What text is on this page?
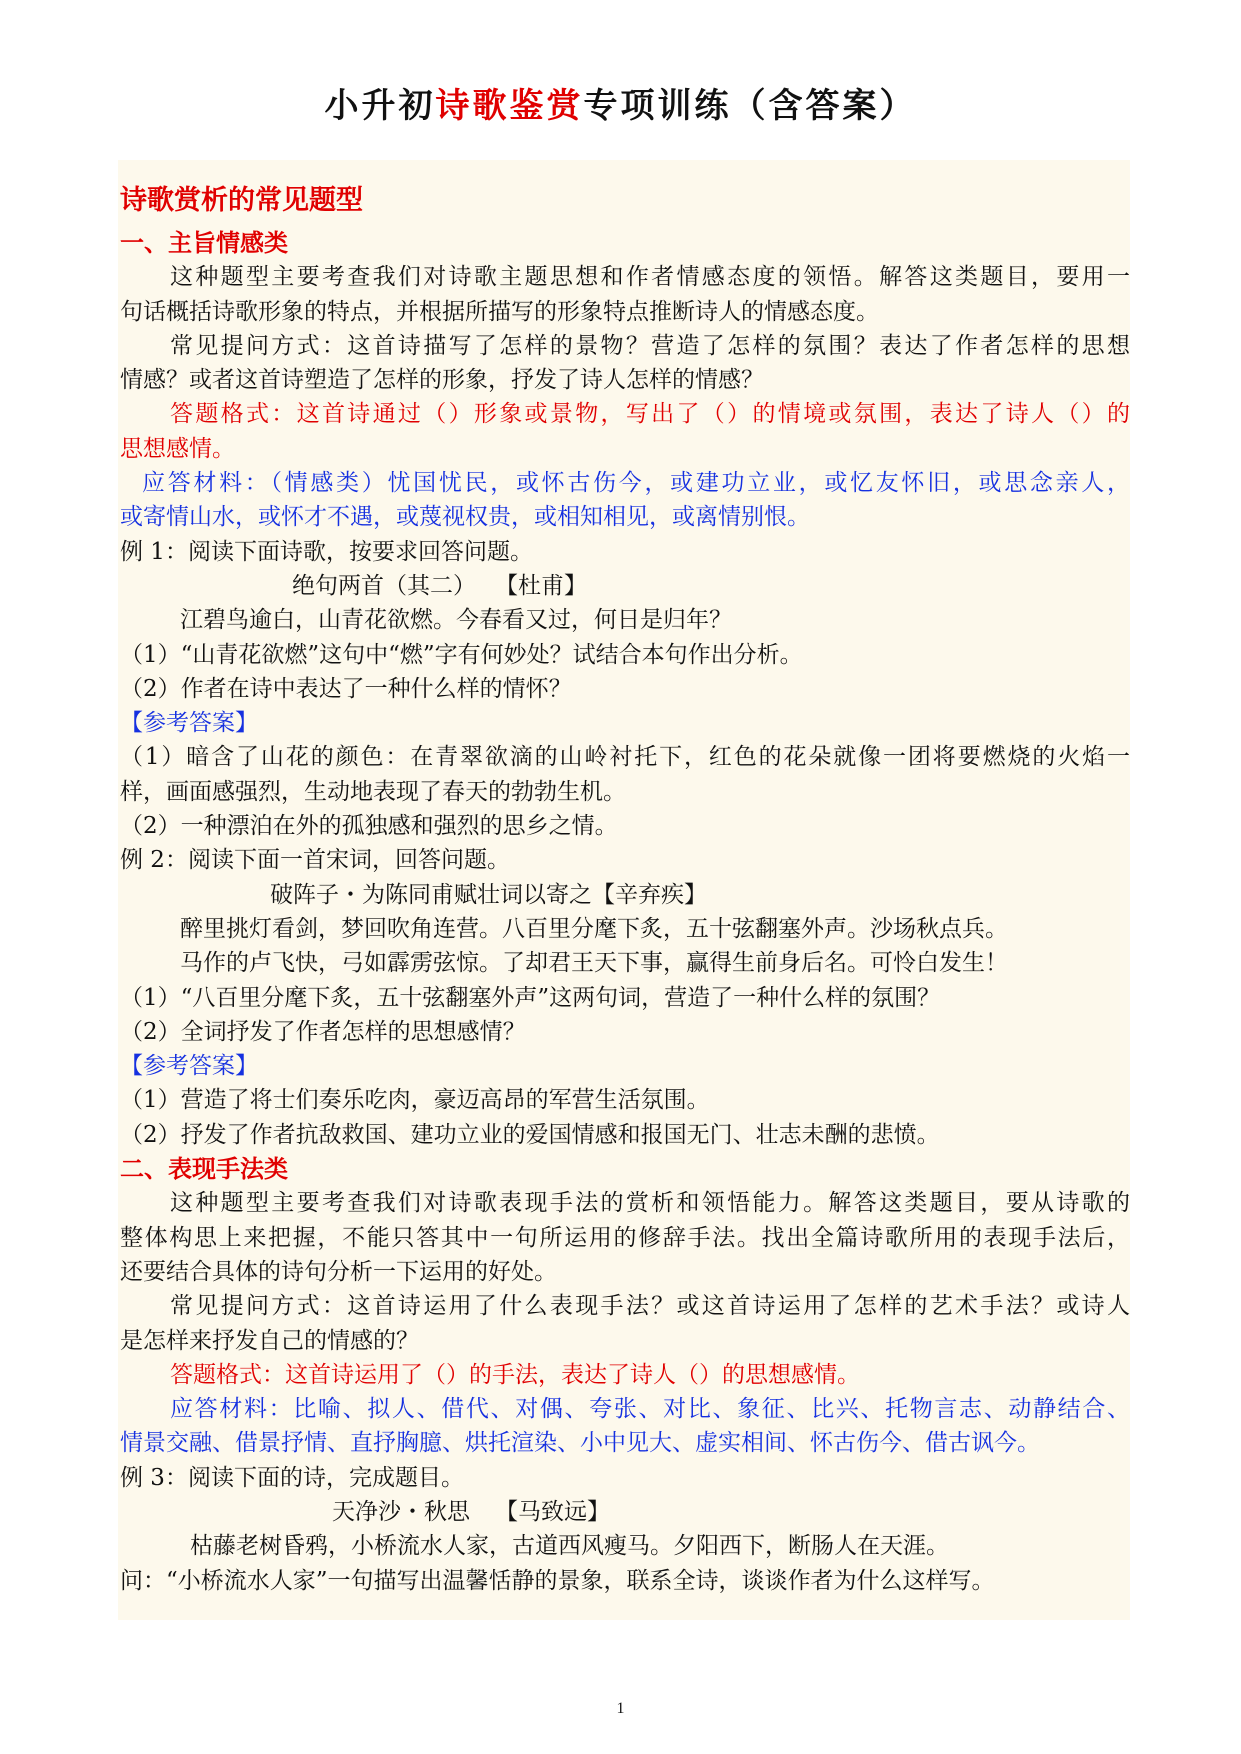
小升初诗歌鉴赏专项训练（含答案）
诗歌赏析的常见题型
一、主旨情感类
这种题型主要考查我们对诗歌主题思想和作者情感态度的领悟。解答这类题目，要用一
句话概括诗歌形象的特点，并根据所描写的形象特点推断诗人的情感态度。
常见提问方式：这首诗描写了怎样的景物？营造了怎样的氛围？表达了作者怎样的思想
情感？或者这首诗塑造了怎样的形象，抒发了诗人怎样的情感？
答题格式：这首诗通过（）形象或景物，写出了（）的情境或氛围，表达了诗人（）的
思想感情。
应答材料：（情感类）忧国忧民，或怀古伤今，或建功立业，或忆友怀旧，或思念亲人，
或寄情山水，或怀才不遇，或蔑视权贵，或相知相见，或离情别恨。
例 1：阅读下面诗歌，按要求回答问题。
绝句两首（其二） 【杜甫】
江碧鸟逾白，山青花欲燃。今春看又过，何日是归年？
（1）“山青花欲燃”这句中“燃”字有何妙处？试结合本句作出分析。
（2）作者在诗中表达了一种什么样的情怀？
【参考答案】
（1）暗含了山花的颜色：在青翠欲滴的山岭衬托下，红色的花朵就像一团将要燃烧的火焰一
样，画面感强烈，生动地表现了春天的勃勃生机。
（2）一种漂泊在外的孤独感和强烈的思乡之情。
例 2：阅读下面一首宋词，回答问题。
破阵子・为陈同甫赋壮词以寄之【辛弃疾】
醉里挑灯看剑，梦回吹角连营。八百里分麾下炙，五十弦翻塞外声。沙场秋点兵。
马作的卢飞快，弓如霹雳弦惊。了却君王天下事，赢得生前身后名。可怜白发生！
（1）“八百里分麾下炙，五十弦翻塞外声”这两句词，营造了一种什么样的氛围？
（2）全词抒发了作者怎样的思想感情？
【参考答案】
（1）营造了将士们奏乐吃肉，豪迈高昂的军营生活氛围。
（2）抒发了作者抗敌救国、建功立业的爱国情感和报国无门、壮志未酬的悲愤。
二、表现手法类
这种题型主要考查我们对诗歌表现手法的赏析和领悟能力。解答这类题目，要从诗歌的
整体构思上来把握，不能只答其中一句所运用的修辞手法。找出全篇诗歌所用的表现手法后，
还要结合具体的诗句分析一下运用的好处。
常见提问方式：这首诗运用了什么表现手法？或这首诗运用了怎样的艺术手法？或诗人
是怎样来抒发自己的情感的？
答题格式：这首诗运用了（）的手法，表达了诗人（）的思想感情。
应答材料：比喻、拟人、借代、对偶、夸张、对比、象征、比兴、托物言志、动静结合、
情景交融、借景抒情、直抒胸臆、烘托渲染、小中见大、虚实相间、怀古伤今、借古讽今。
例 3：阅读下面的诗，完成题目。
天净沙・秋思 【马致远】
枯藤老树昏鸦，小桥流水人家，古道西风瘦马。夕阳西下，断肠人在天涯。
问：“小桥流水人家”一句描写出温馨恬静的景象，联系全诗，谈谈作者为什么这样写。
1
